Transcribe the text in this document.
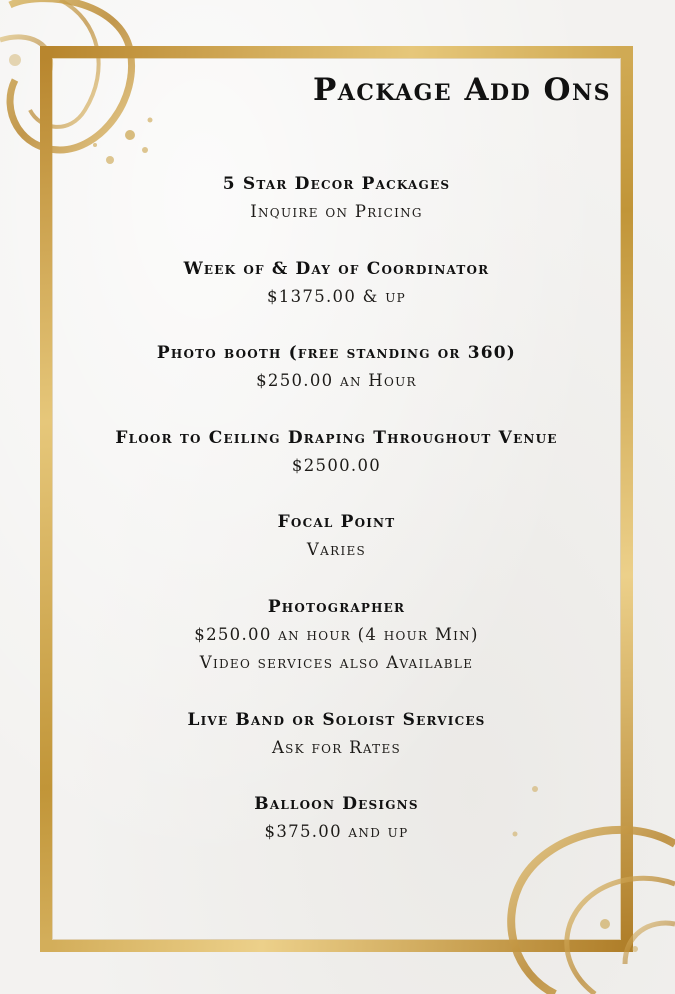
Package Add Ons
5 Star Decor Packages
Inquire on Pricing
Week of & Day of Coordinator
$1375.00 & up
Photo booth (free standing or 360)
$250.00 an Hour
Floor to Ceiling Draping Throughout Venue
$2500.00
Focal Point
Varies
Photographer
$250.00 an hour (4 hour Min)
Video services also Available
Live Band or Soloist Services
Ask for Rates
Balloon Designs
$375.00 and up
